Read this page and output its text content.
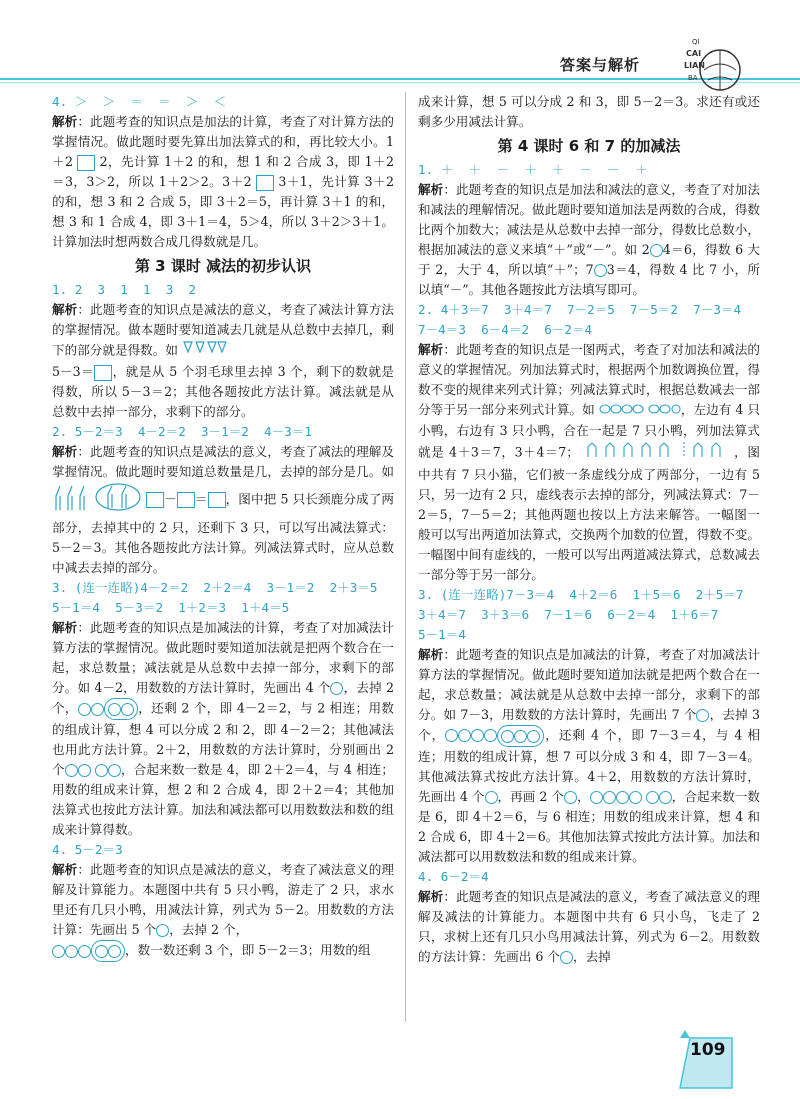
答案与解析
QI
CAI
LIAN
BA
4. ＞  ＞  ＝  ＝  ＞  ＜

解析：此题考查的知识点是加法的计算，考查了对计算方法的掌握情况。做此题时要先算出加法算式的和，再比较大小。1＋2 2，先计算 1＋2 的和，想 1 和 2 合成 3，即 1＋2＝3，3＞2，所以 1＋2＞2。3＋2 3＋1，先计算 3＋2 的和，想 3 和 2 合成 5，即 3＋2＝5，再计算 3＋1 的和，想 3 和 1 合成 4，即 3＋1＝4，5＞4，所以 3＋2＞3＋1。计算加法时想两数合成几得数就是几。

第 3 课时 减法的初步认识
1. 2  3  1  1  3  2

解析：此题考查的知识点是减法的意义，考查了减法计算方法的掌握情况。做本题时要知道减去几就是从总数中去掉几，剩下的部分就是得数。如
5－3＝ ，就是从 5 个羽毛球里去掉 3 个，剩下的数就是得数，所以 5－3＝2；其他各题按此方法计算。减法就是从总数中去掉一部分，求剩下的部分。

2. 5－2＝3  4－2＝2  3－1＝2  4－3＝1

解析：此题考查的知识点是减法的意义，考查了减法的理解及掌握情况。做此题时要知道总数量是几，去掉的部分是几。如  － ＝ ，图中把 5 只长颈鹿分成了两部分，去掉其中的 2 只，还剩下 3 只，可以写出减法算式：5－2＝3。其他各题按此方法计算。列减法算式时，应从总数中减去去掉的部分。

3. (连一连略)4－2＝2  2＋2＝4  3－1＝2  2＋3＝5
5－1＝4  5－3＝2  1＋2＝3  1＋4＝5

解析：此题考查的知识点是加减法的计算，考查了对加减法计算方法的掌握情况。做此题时要知道加法就是把两个数合在一起，求总数量；减法就是从总数中去掉一部分，求剩下的部分。如 4－2，用数数的方法计算时，先画出 4 个 ，去掉 2 个，	，还剩 2 个，即 4－2＝2，与 2 相连；用数的组成计算，想 4 可以分成 2 和 2，即 4－2＝2；其他减法也用此方法计算。2＋2，用数数的方法计算时，分别画出 2 个	，合起来数一数是 4，即 2＋2＝4，与 4 相连；用数的组成来计算，想 2 和 2 合成 4，即 2＋2＝4；其他加法算式也按此方法计算。加法和减法都可以用数数法和数的组成来计算得数。

4. 5－2＝3

解析：此题考查的知识点是减法的意义，考查了减法意义的理解及计算能力。本题图中共有 5 只小鸭，游走了 2 只，求水里还有几只小鸭，用减法计算，列式为 5－2。用数数的方法计算：先画出 5 个 ，去掉 2 个，
，数一数还剩 3 个，即 5－2＝3；用数的组

成来计算，想 5 可以分成 2 和 3，即 5－2＝3。求还有或还剩多少用减法计算。

第 4 课时 6 和 7 的加减法
1. ＋  ＋  －  ＋  ＋  －  －  ＋

解析：此题考查的知识点是加法和减法的意义，考查了对加法和减法的理解情况。做此题时要知道加法是两数的合成，得数比两个加数大；减法是从总数中去掉一部分，得数比总数小，根据加减法的意义来填“＋”或“－”。如 2 4＝6，得数 6 大于 2，大于 4，所以填“＋”；7 3＝4，得数 4 比 7 小，所以填“－”。其他各题按此方法填写即可。

2. 4＋3＝7  3＋4＝7  7－2＝5  7－5＝2  7－3＝4
7－4＝3  6－4＝2  6－2＝4

解析：此题考查的知识点是一图两式，考查了对加法和减法的意义的掌握情况。列加法算式时，根据两个加数调换位置，得数不变的规律来列式计算；列减法算式时，根据总数减去一部分等于另一部分来列式计算。如	，左边有 4 只小鸭，右边有 3 只小鸭，合在一起是 7 只小鸭，列加法算式就是 4＋3＝7，3＋4＝7；	，图中共有 7 只小猫，它们被一条虚线分成了两部分，一边有 5 只，另一边有 2 只，虚线表示去掉的部分，列减法算式：7－2＝5，7－5＝2；其他两题也按以上方法来解答。一幅图一般可以写出两道加法算式，交换两个加数的位置，得数不变。一幅图中间有虚线的，一般可以写出两道减法算式，总数减去一部分等于另一部分。

3. (连一连略)7－3＝4  4＋2＝6  1＋5＝6  2＋5＝7
3＋4＝7  3＋3＝6  7－1＝6  6－2＝4  1＋6＝7
5－1＝4

解析：此题考查的知识点是加减法的计算，考查了对加减法计算方法的掌握情况。做此题时要知道加法就是把两个数合在一起，求总数量；减法就是从总数中去掉一部分，求剩下的部分。如 7－3，用数数的方法计算时，先画出 7 个 ，去掉 3 个，	，还剩 4 个，即 7－3＝4，与 4 相连；用数的组成计算，想 7 可以分成 3 和 4，即 7－3＝4。其他减法算式按此方法计算。4＋2，用数数的方法计算时，先画出 4 个 ，再画 2 个 ，	，合起来数一数是 6，即 4＋2＝6，与 6 相连；用数的组成来计算，想 4 和 2 合成 6，即 4＋2＝6。其他加法算式按此方法计算。加法和减法都可以用数数法和数的组成来计算。

4. 6－2＝4

解析：此题考查的知识点是减法的意义，考查了减法意义的理解及减法的计算能力。本题图中共有 6 只小鸟，飞走了 2 只，求树上还有几只小鸟用减法计算，列式为 6－2。用数数的方法计算：先画出 6 个 ，去掉

109
